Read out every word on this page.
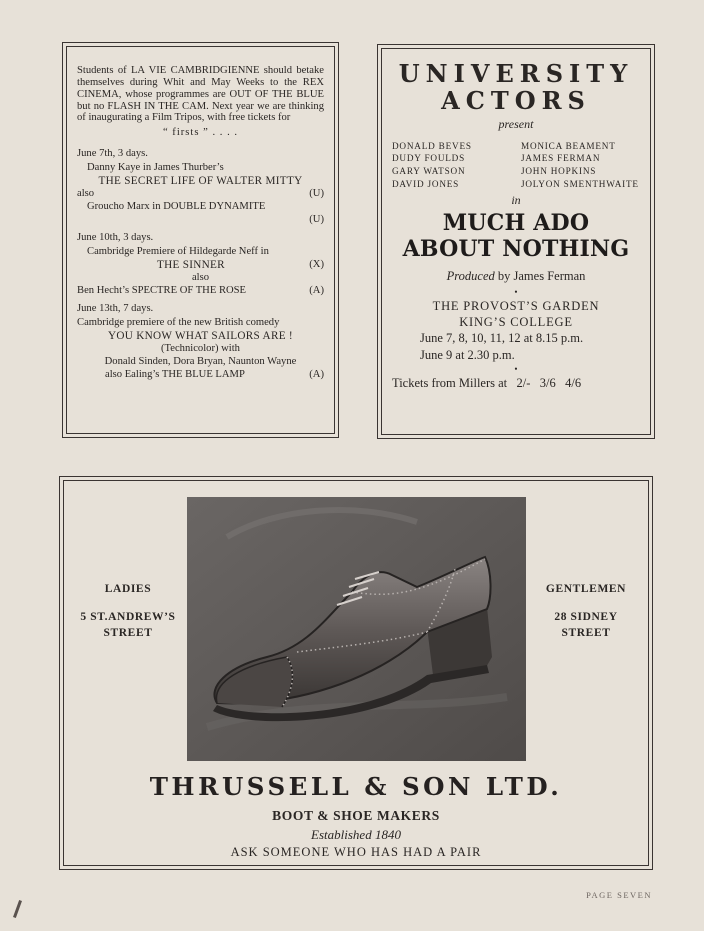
Students of LA VIE CAMBRIDGIENNE should betake themselves during Whit and May Weeks to the REX CINEMA, whose programmes are OUT OF THE BLUE but no FLASH IN THE CAM. Next year we are thinking of inaugurating a Film Tripos, with free tickets for

“ firsts ” . . . .

June 7th, 3 days.

Danny Kaye in James Thurber’s
THE SECRET LIFE OF WALTER MITTY
also	(U)
Groucho Marx in DOUBLE DYNAMITE
(U)

June 10th, 3 days.

Cambridge Premiere of Hildegarde Neff in
THE SINNER	(X)
also
Ben Hecht’s SPECTRE OF THE ROSE	(A)

June 13th, 7 days.

Cambridge premiere of the new British comedy
YOU KNOW WHAT SAILORS ARE !
(Technicolor) with
Donald Sinden, Dora Bryan, Naunton Wayne
also Ealing’s THE BLUE LAMP	(A)
UNIVERSITY
ACTORS
present
DONALD BEVES
DUDY FOULDS
GARY WATSON
DAVID JONES
MONICA BEAMENT
JAMES FERMAN
JOHN HOPKINS
JOLYON SMENTHWAITE
in
MUCH ADO
ABOUT NOTHING
Produced by James Ferman
•
THE PROVOST’S GARDEN
KING’S COLLEGE
June 7, 8, 10, 11, 12 at 8.15 p.m.
June 9 at 2.30 p.m.
•
Tickets from Millers at   2/-   3/6   4/6
LADIES
5 ST.ANDREW’S
STREET
GENTLEMEN
28 SIDNEY
STREET
THRUSSELL & SON LTD.
BOOT & SHOE MAKERS
Established 1840
ASK SOMEONE WHO HAS HAD A PAIR
PAGE SEVEN
